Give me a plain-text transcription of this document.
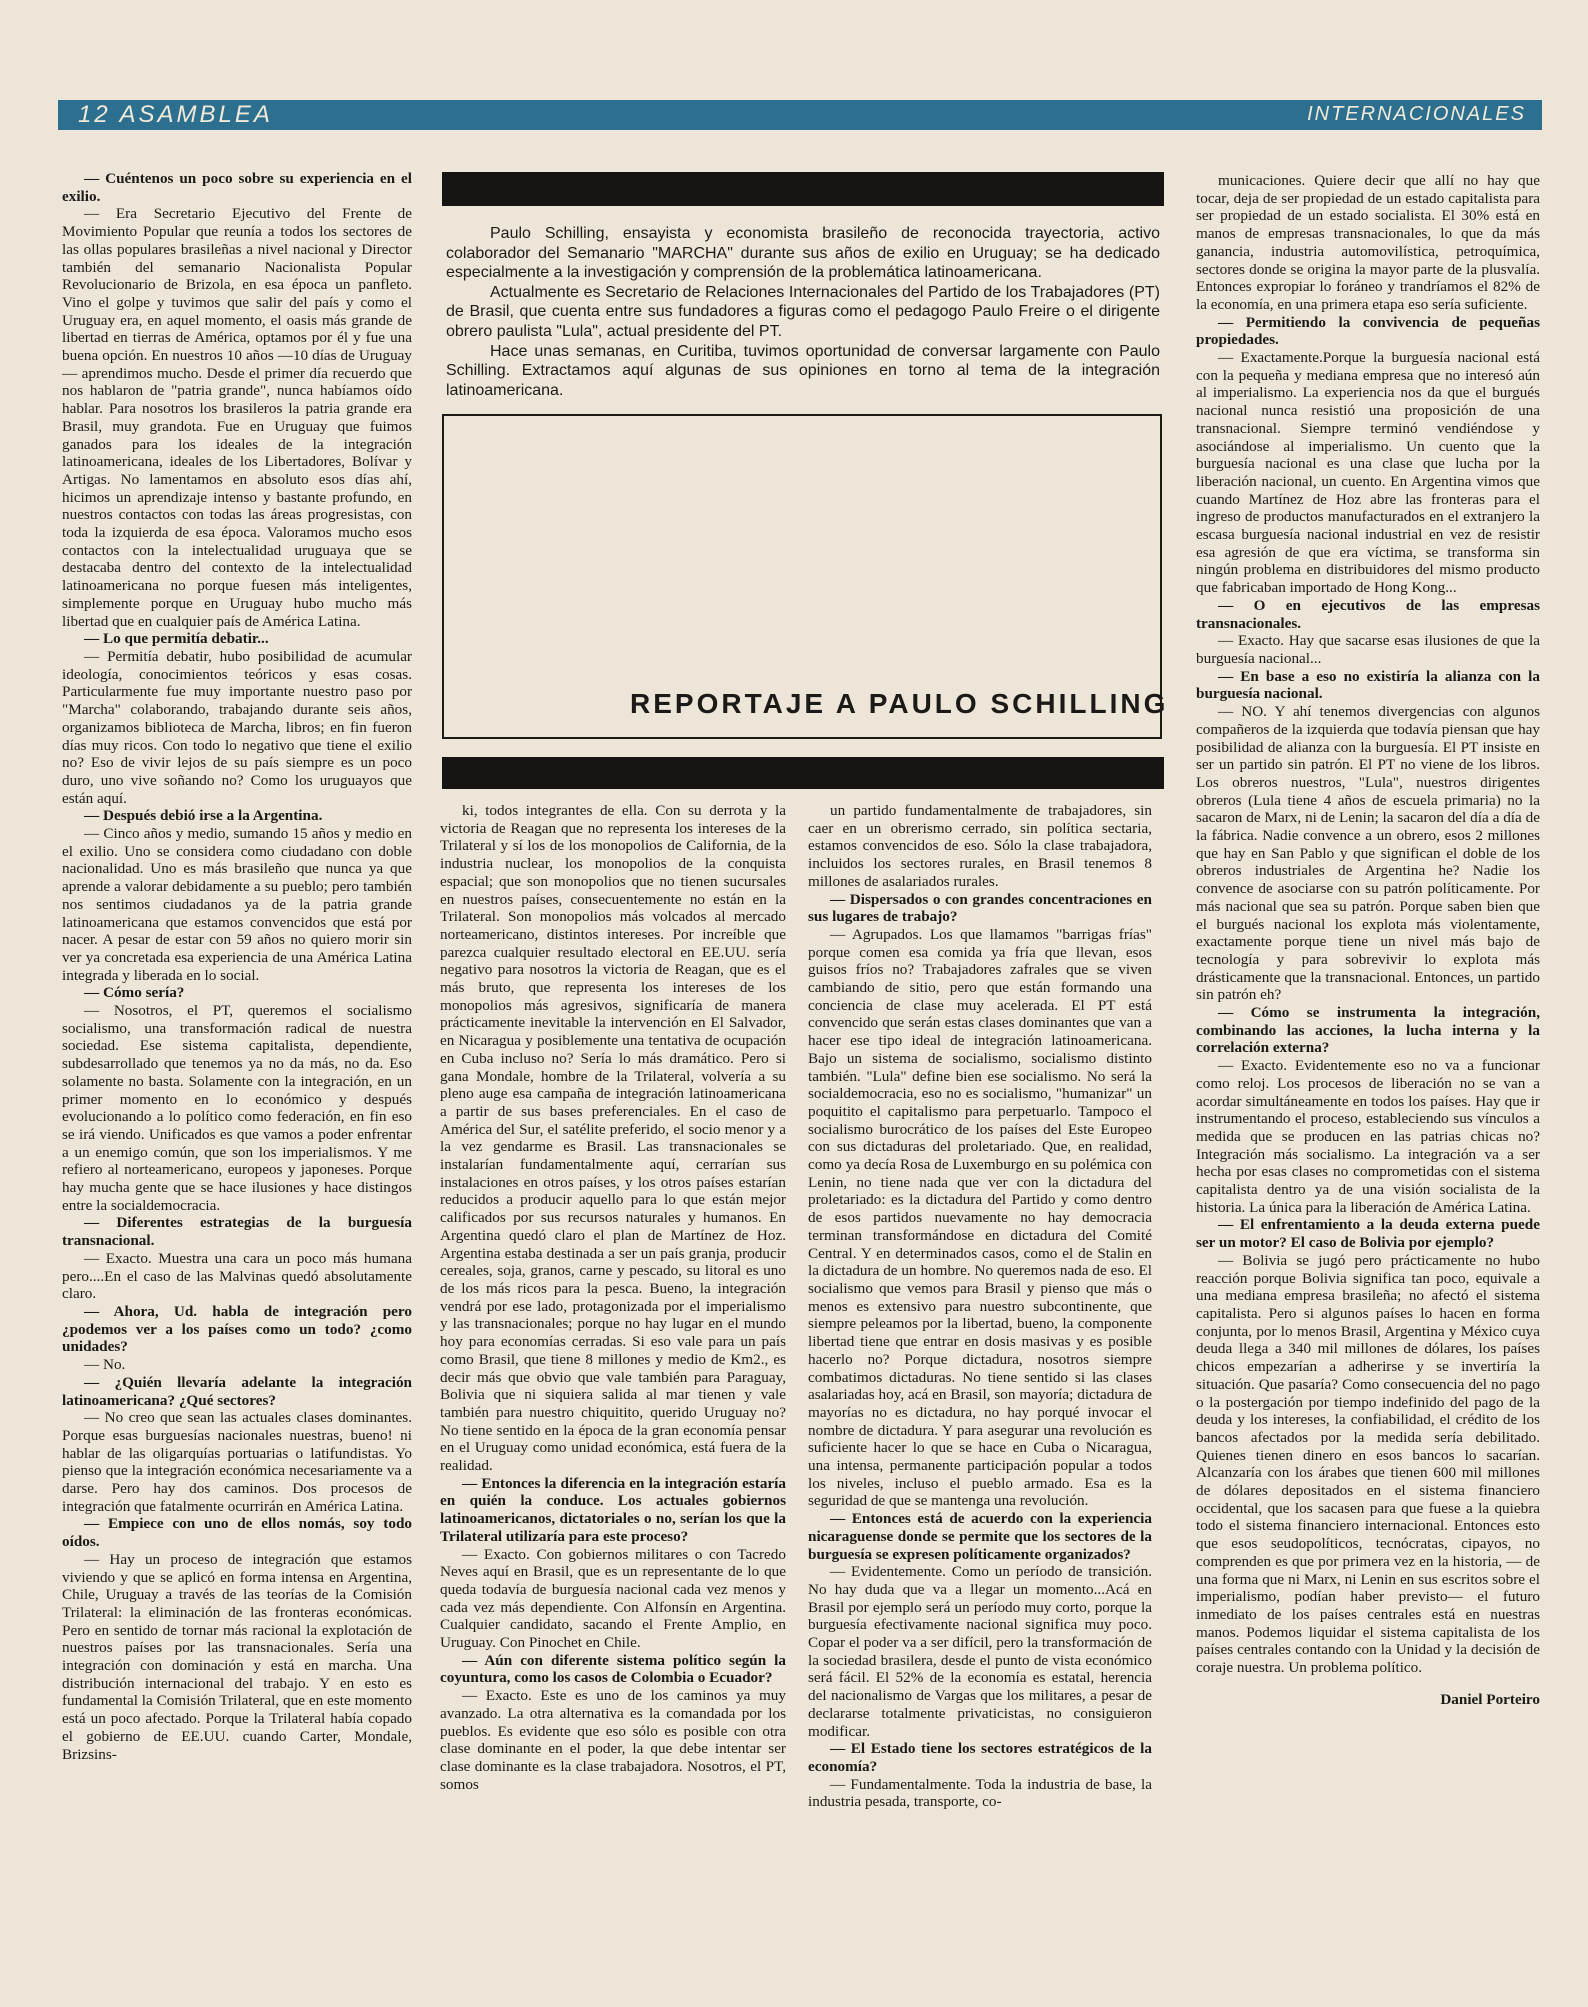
12 ASAMBLEA	INTERNACIONALES

— Cuéntenos un poco sobre su experiencia en el exilio.

— Era Secretario Ejecutivo del Frente de Movimiento Popular que reunía a todos los sectores de las ollas populares brasileñas a nivel nacional y Director también del semanario Nacionalista Popular Revolucionario de Brizola, en esa época un panfleto. Vino el golpe y tuvimos que salir del país y como el Uruguay era, en aquel momento, el oasis más grande de libertad en tierras de América, optamos por él y fue una buena opción. En nuestros 10 años —10 días de Uruguay— aprendimos mucho. Desde el primer día recuerdo que nos hablaron de "patria grande", nunca habíamos oído hablar. Para nosotros los brasileros la patria grande era Brasil, muy grandota. Fue en Uruguay que fuimos ganados para los ideales de la integración latinoamericana, ideales de los Libertadores, Bolívar y Artigas. No lamentamos en absoluto esos días ahí, hicimos un aprendizaje intenso y bastante profundo, en nuestros contactos con todas las áreas progresistas, con toda la izquierda de esa época. Valoramos mucho esos contactos con la intelectualidad uruguaya que se destacaba dentro del contexto de la intelectualidad latinoamericana no porque fuesen más inteligentes, simplemente porque en Uruguay hubo mucho más libertad que en cualquier país de América Latina.

— Lo que permitía debatir...

— Permitía debatir, hubo posibilidad de acumular ideología, conocimientos teóricos y esas cosas. Particularmente fue muy importante nuestro paso por "Marcha" colaborando, trabajando durante seis años, organizamos biblioteca de Marcha, libros; en fin fueron días muy ricos. Con todo lo negativo que tiene el exilio no? Eso de vivir lejos de su país siempre es un poco duro, uno vive soñando no? Como los uruguayos que están aquí.

— Después debió irse a la Argentina.

— Cinco años y medio, sumando 15 años y medio en el exilio. Uno se considera como ciudadano con doble nacionalidad. Uno es más brasileño que nunca ya que aprende a valorar debidamente a su pueblo; pero también nos sentimos ciudadanos ya de la patria grande latinoamericana que estamos convencidos que está por nacer. A pesar de estar con 59 años no quiero morir sin ver ya concretada esa experiencia de una América Latina integrada y liberada en lo social.

— Cómo sería?

— Nosotros, el PT, queremos el socialismo socialismo, una transformación radical de nuestra sociedad. Ese sistema capitalista, dependiente, subdesarrollado que tenemos ya no da más, no da. Eso solamente no basta. Solamente con la integración, en un primer momento en lo económico y después evolucionando a lo político como federación, en fin eso se irá viendo. Unificados es que vamos a poder enfrentar a un enemigo común, que son los imperialismos. Y me refiero al norteamericano, europeos y japoneses. Porque hay mucha gente que se hace ilusiones y hace distingos entre la socialdemocracia.

— Diferentes estrategias de la burguesía transnacional.

— Exacto. Muestra una cara un poco más humana pero....En el caso de las Malvinas quedó absolutamente claro.

— Ahora, Ud. habla de integración pero ¿podemos ver a los países como un todo? ¿como unidades?

— No.

— ¿Quién llevaría adelante la integración latinoamericana? ¿Qué sectores?

— No creo que sean las actuales clases dominantes. Porque esas burguesías nacionales nuestras, bueno! ni hablar de las oligarquías portuarias o latifundistas. Yo pienso que la integración económica necesariamente va a darse. Pero hay dos caminos. Dos procesos de integración que fatalmente ocurrirán en América Latina.

— Empiece con uno de ellos nomás, soy todo oídos.

— Hay un proceso de integración que estamos viviendo y que se aplicó en forma intensa en Argentina, Chile, Uruguay a través de las teorías de la Comisión Trilateral: la eliminación de las fronteras económicas. Pero en sentido de tornar más racional la explotación de nuestros países por las transnacionales. Sería una integración con dominación y está en marcha. Una distribución internacional del trabajo. Y en esto es fundamental la Comisión Trilateral, que en este momento está un poco afectado. Porque la Trilateral había copado el gobierno de EE.UU. cuando Carter, Mondale, Brizsins-

Paulo Schilling, ensayista y economista brasileño de reconocida trayectoria, activo colaborador del Semanario "MARCHA" durante sus años de exilio en Uruguay; se ha dedicado especialmente a la investigación y comprensión de la problemática latinoamericana.

Actualmente es Secretario de Relaciones Internacionales del Partido de los Trabajadores (PT) de Brasil, que cuenta entre sus fundadores a figuras como el pedagogo Paulo Freire o el dirigente obrero paulista "Lula", actual presidente del PT.

Hace unas semanas, en Curitiba, tuvimos oportunidad de conversar largamente con Paulo Schilling. Extractamos aquí algunas de sus opiniones en torno al tema de la integración latinoamericana.

REPORTAJE A PAULO SCHILLING

ki, todos integrantes de ella. Con su derrota y la victoria de Reagan que no representa los intereses de la Trilateral y sí los de los monopolios de California, de la industria nuclear, los monopolios de la conquista espacial; que son monopolios que no tienen sucursales en nuestros países, consecuentemente no están en la Trilateral. Son monopolios más volcados al mercado norteamericano, distintos intereses. Por increíble que parezca cualquier resultado electoral en EE.UU. sería negativo para nosotros la victoria de Reagan, que es el más bruto, que representa los intereses de los monopolios más agresivos, significaría de manera prácticamente inevitable la intervención en El Salvador, en Nicaragua y posiblemente una tentativa de ocupación en Cuba incluso no? Sería lo más dramático. Pero si gana Mondale, hombre de la Trilateral, volvería a su pleno auge esa campaña de integración latinoamericana a partir de sus bases preferenciales. En el caso de América del Sur, el satélite preferido, el socio menor y a la vez gendarme es Brasil. Las transnacionales se instalarían fundamentalmente aquí, cerrarían sus instalaciones en otros países, y los otros países estarían reducidos a producir aquello para lo que están mejor calificados por sus recursos naturales y humanos. En Argentina quedó claro el plan de Martínez de Hoz. Argentina estaba destinada a ser un país granja, producir cereales, soja, granos, carne y pescado, su litoral es uno de los más ricos para la pesca. Bueno, la integración vendrá por ese lado, protagonizada por el imperialismo y las transnacionales; porque no hay lugar en el mundo hoy para economías cerradas. Si eso vale para un país como Brasil, que tiene 8 millones y medio de Km2., es decir más que obvio que vale también para Paraguay, Bolivia que ni siquiera salida al mar tienen y vale también para nuestro chiquitito, querido Uruguay no? No tiene sentido en la época de la gran economía pensar en el Uruguay como unidad económica, está fuera de la realidad.

— Entonces la diferencia en la integración estaría en quién la conduce. Los actuales gobiernos latinoamericanos, dictatoriales o no, serían los que la Trilateral utilizaría para este proceso?

— Exacto. Con gobiernos militares o con Tacredo Neves aquí en Brasil, que es un representante de lo que queda todavía de burguesía nacional cada vez menos y cada vez más dependiente. Con Alfonsín en Argentina. Cualquier candidato, sacando el Frente Amplio, en Uruguay. Con Pinochet en Chile.

— Aún con diferente sistema político según la coyuntura, como los casos de Colombia o Ecuador?

— Exacto. Este es uno de los caminos ya muy avanzado. La otra alternativa es la comandada por los pueblos. Es evidente que eso sólo es posible con otra clase dominante en el poder, la que debe intentar ser clase dominante es la clase trabajadora. Nosotros, el PT, somos

un partido fundamentalmente de trabajadores, sin caer en un obrerismo cerrado, sin política sectaria, estamos convencidos de eso. Sólo la clase trabajadora, incluidos los sectores rurales, en Brasil tenemos 8 millones de asalariados rurales.

— Dispersados o con grandes concentraciones en sus lugares de trabajo?

— Agrupados. Los que llamamos "barrigas frías" porque comen esa comida ya fría que llevan, esos guisos fríos no? Trabajadores zafrales que se viven cambiando de sitio, pero que están formando una conciencia de clase muy acelerada. El PT está convencido que serán estas clases dominantes que van a hacer ese tipo ideal de integración latinoamericana. Bajo un sistema de socialismo, socialismo distinto también. "Lula" define bien ese socialismo. No será la socialdemocracia, eso no es socialismo, "humanizar" un poquitito el capitalismo para perpetuarlo. Tampoco el socialismo burocrático de los países del Este Europeo con sus dictaduras del proletariado. Que, en realidad, como ya decía Rosa de Luxemburgo en su polémica con Lenin, no tiene nada que ver con la dictadura del proletariado: es la dictadura del Partido y como dentro de esos partidos nuevamente no hay democracia terminan transformándose en dictadura del Comité Central. Y en determinados casos, como el de Stalin en la dictadura de un hombre. No queremos nada de eso. El socialismo que vemos para Brasil y pienso que más o menos es extensivo para nuestro subcontinente, que siempre peleamos por la libertad, bueno, la componente libertad tiene que entrar en dosis masivas y es posible hacerlo no? Porque dictadura, nosotros siempre combatimos dictaduras. No tiene sentido si las clases asalariadas hoy, acá en Brasil, son mayoría; dictadura de mayorías no es dictadura, no hay porqué invocar el nombre de dictadura. Y para asegurar una revolución es suficiente hacer lo que se hace en Cuba o Nicaragua, una intensa, permanente participación popular a todos los niveles, incluso el pueblo armado. Esa es la seguridad de que se mantenga una revolución.

— Entonces está de acuerdo con la experiencia nicaraguense donde se permite que los sectores de la burguesía se expresen políticamente organizados?

— Evidentemente. Como un período de transición. No hay duda que va a llegar un momento...Acá en Brasil por ejemplo será un período muy corto, porque la burguesía efectivamente nacional significa muy poco. Copar el poder va a ser difícil, pero la transformación de la sociedad brasilera, desde el punto de vista económico será fácil. El 52% de la economía es estatal, herencia del nacionalismo de Vargas que los militares, a pesar de declararse totalmente privaticistas, no consiguieron modificar.

— El Estado tiene los sectores estratégicos de la economía?

— Fundamentalmente. Toda la industria de base, la industria pesada, transporte, co-

municaciones. Quiere decir que allí no hay que tocar, deja de ser propiedad de un estado capitalista para ser propiedad de un estado socialista. El 30% está en manos de empresas transnacionales, lo que da más ganancia, industria automovilística, petroquímica, sectores donde se origina la mayor parte de la plusvalía. Entonces expropiar lo foráneo y trandríamos el 82% de la economía, en una primera etapa eso sería suficiente.

— Permitiendo la convivencia de pequeñas propiedades.

— Exactamente.Porque la burguesía nacional está con la pequeña y mediana empresa que no interesó aún al imperialismo. La experiencia nos da que el burgués nacional nunca resistió una proposición de una transnacional. Siempre terminó vendiéndose y asociándose al imperialismo. Un cuento que la burguesía nacional es una clase que lucha por la liberación nacional, un cuento. En Argentina vimos que cuando Martínez de Hoz abre las fronteras para el ingreso de productos manufacturados en el extranjero la escasa burguesía nacional industrial en vez de resistir esa agresión de que era víctima, se transforma sin ningún problema en distribuidores del mismo producto que fabricaban importado de Hong Kong...

— O en ejecutivos de las empresas transnacionales.

— Exacto. Hay que sacarse esas ilusiones de que la burguesía nacional...

— En base a eso no existiría la alianza con la burguesía nacional.

— NO. Y ahí tenemos divergencias con algunos compañeros de la izquierda que todavía piensan que hay posibilidad de alianza con la burguesía. El PT insiste en ser un partido sin patrón. El PT no viene de los libros. Los obreros nuestros, "Lula", nuestros dirigentes obreros (Lula tiene 4 años de escuela primaria) no la sacaron de Marx, ni de Lenin; la sacaron del día a día de la fábrica. Nadie convence a un obrero, esos 2 millones que hay en San Pablo y que significan el doble de los obreros industriales de Argentina he? Nadie los convence de asociarse con su patrón políticamente. Por más nacional que sea su patrón. Porque saben bien que el burgués nacional los explota más violentamente, exactamente porque tiene un nivel más bajo de tecnología y para sobrevivir lo explota más drásticamente que la transnacional. Entonces, un partido sin patrón eh?

— Cómo se instrumenta la integración, combinando las acciones, la lucha interna y la correlación externa?

— Exacto. Evidentemente eso no va a funcionar como reloj. Los procesos de liberación no se van a acordar simultáneamente en todos los países. Hay que ir instrumentando el proceso, estableciendo sus vínculos a medida que se producen en las patrias chicas no? Integración más socialismo. La integración va a ser hecha por esas clases no comprometidas con el sistema capitalista dentro ya de una visión socialista de la historia. La única para la liberación de América Latina.

— El enfrentamiento a la deuda externa puede ser un motor? El caso de Bolivia por ejemplo?

— Bolivia se jugó pero prácticamente no hubo reacción porque Bolivia significa tan poco, equivale a una mediana empresa brasileña; no afectó el sistema capitalista. Pero si algunos países lo hacen en forma conjunta, por lo menos Brasil, Argentina y México cuya deuda llega a 340 mil millones de dólares, los países chicos empezarían a adherirse y se invertiría la situación. Que pasaría? Como consecuencia del no pago o la postergación por tiempo indefinido del pago de la deuda y los intereses, la confiabilidad, el crédito de los bancos afectados por la medida sería debilitado. Quienes tienen dinero en esos bancos lo sacarían. Alcanzaría con los árabes que tienen 600 mil millones de dólares depositados en el sistema financiero occidental, que los sacasen para que fuese a la quiebra todo el sistema financiero internacional. Entonces esto que esos seudopolíticos, tecnócratas, cipayos, no comprenden es que por primera vez en la historia, — de una forma que ni Marx, ni Lenin en sus escritos sobre el imperialismo, podían haber previsto— el futuro inmediato de los países centrales está en nuestras manos. Podemos liquidar el sistema capitalista de los países centrales contando con la Unidad y la decisión de coraje nuestra. Un problema político.

Daniel Porteiro
